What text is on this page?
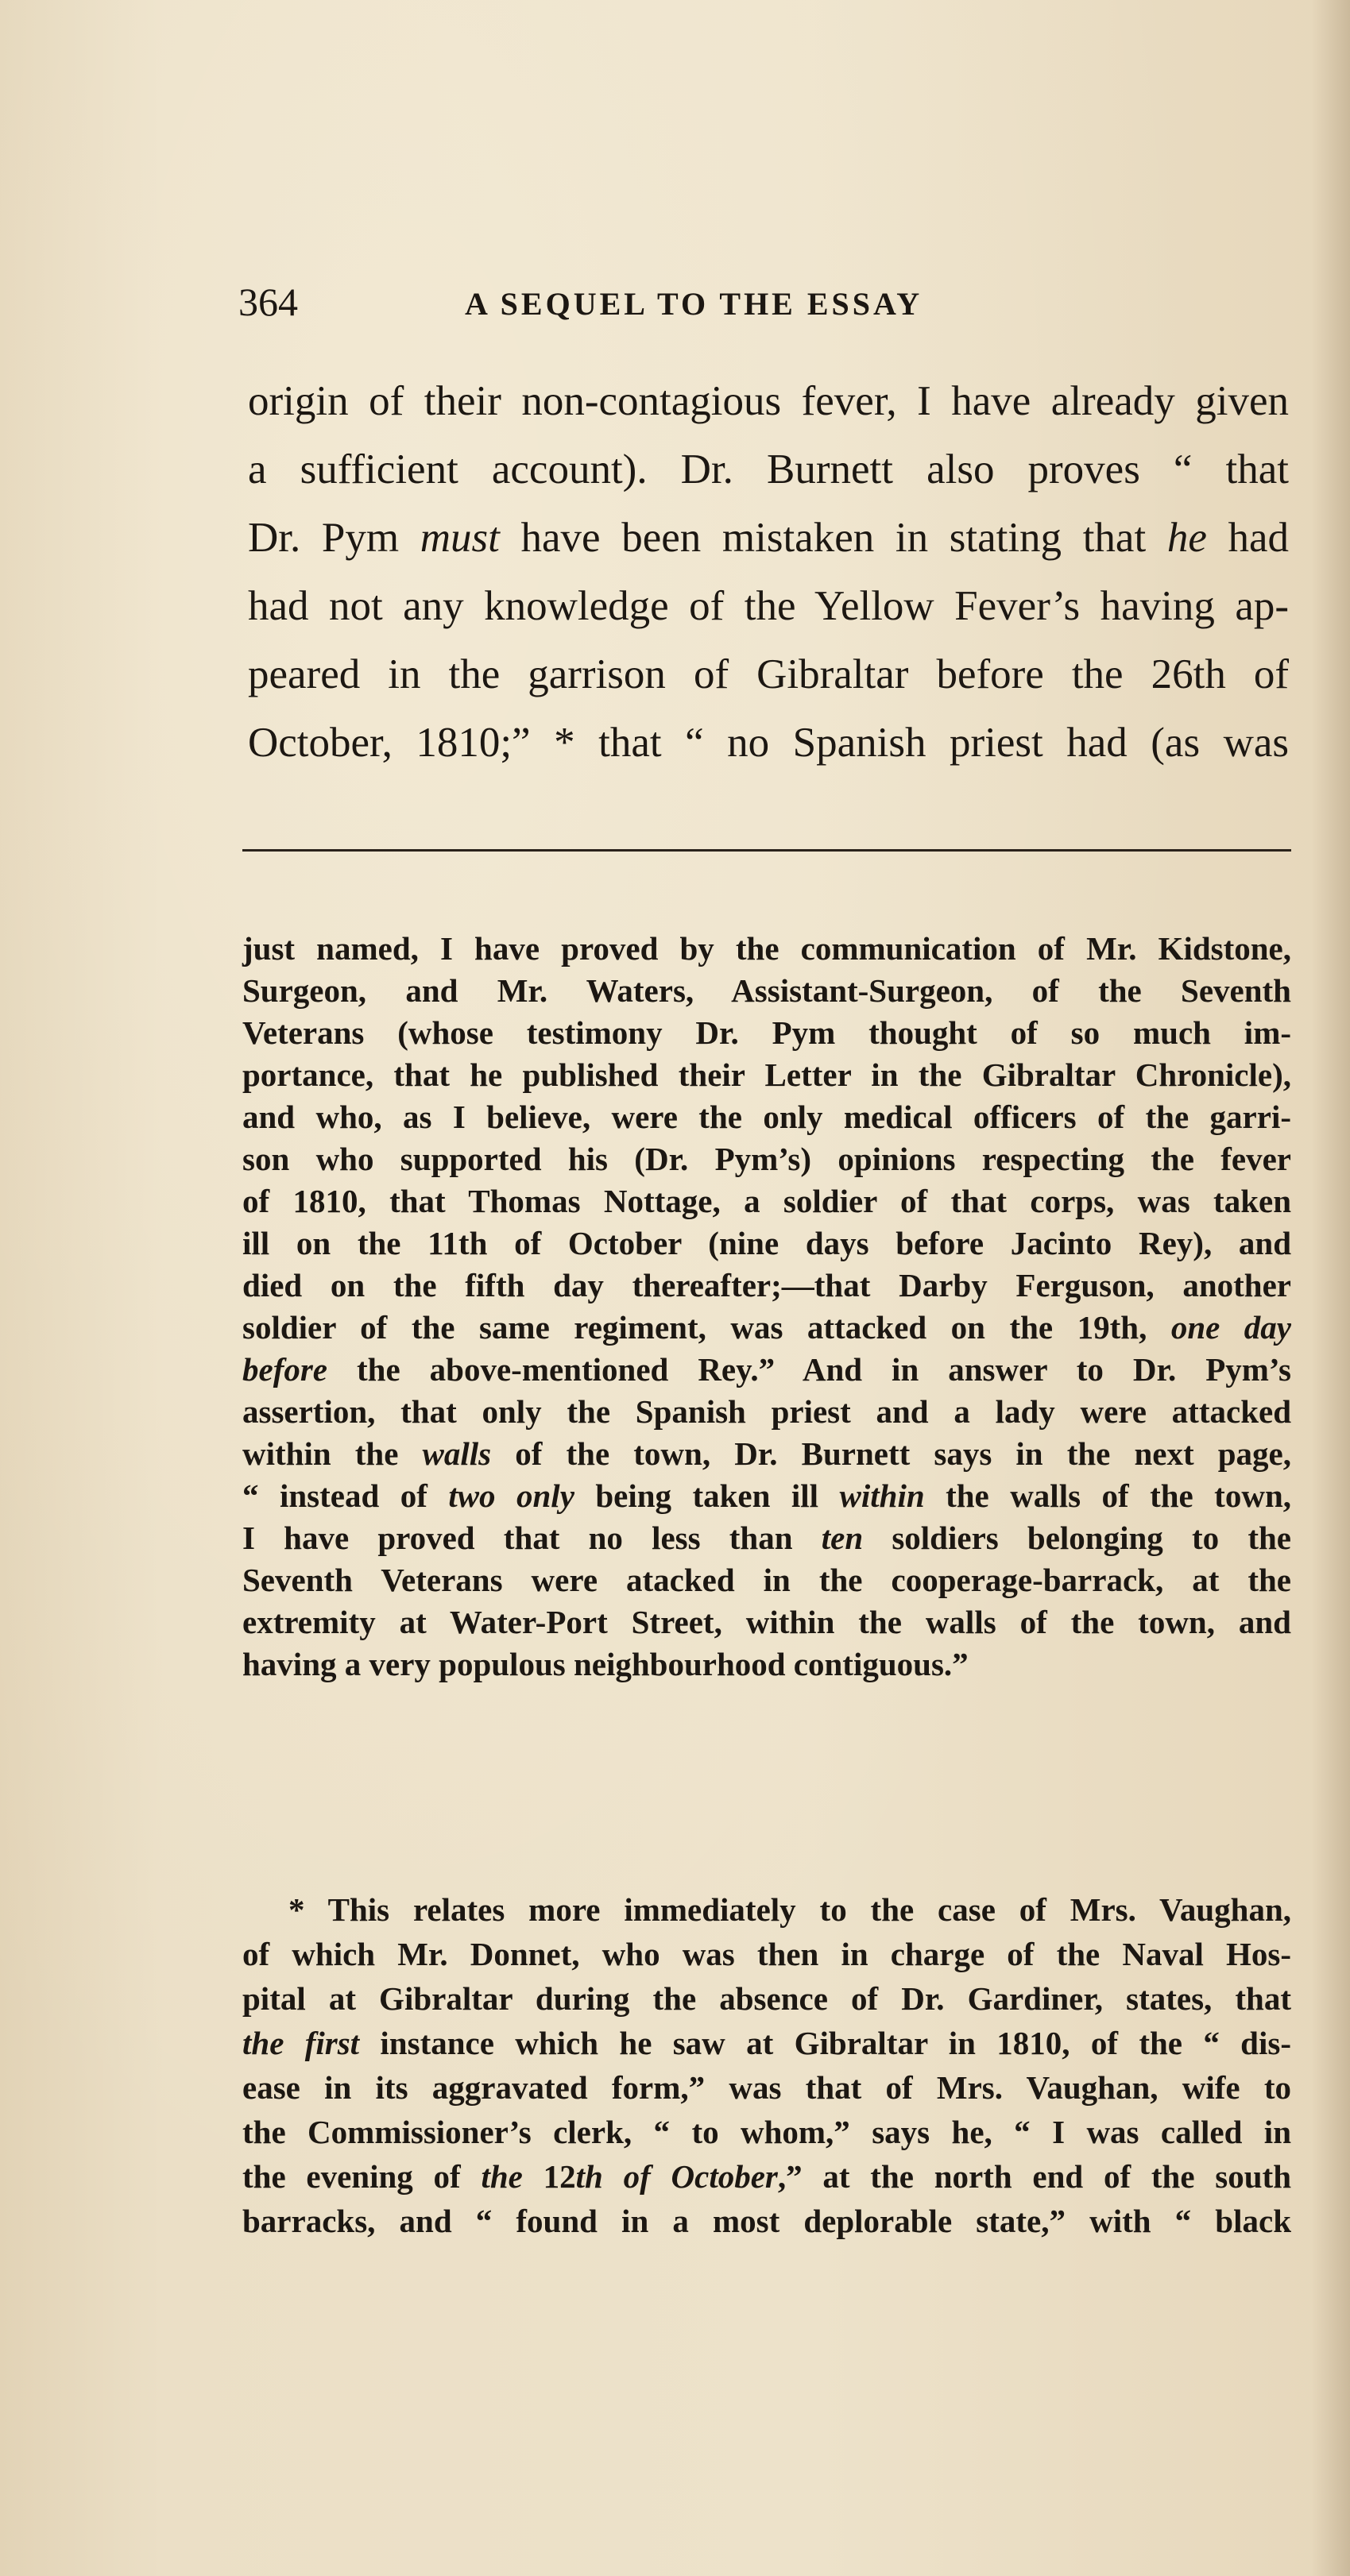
364	A SEQUEL TO THE ESSAY
origin of their non-contagious fever, I have already given
a sufficient account). Dr. Burnett also proves “ that
Dr. Pym must have been mistaken in stating that he had
had not any knowledge of the Yellow Fever’s having ap-
peared in the garrison of Gibraltar before the 26th of
October, 1810;” * that “ no Spanish priest had (as was
just named, I have proved by the communication of Mr. Kidstone,
Surgeon, and Mr. Waters, Assistant-Surgeon, of the Seventh
Veterans (whose testimony Dr. Pym thought of so much im-
portance, that he published their Letter in the Gibraltar Chronicle),
and who, as I believe, were the only medical officers of the garri-
son who supported his (Dr. Pym’s) opinions respecting the fever
of 1810, that Thomas Nottage, a soldier of that corps, was taken
ill on the 11th of October (nine days before Jacinto Rey), and
died on the fifth day thereafter;—that Darby Ferguson, another
soldier of the same regiment, was attacked on the 19th, one day
before the above-mentioned Rey.” And in answer to Dr. Pym’s
assertion, that only the Spanish priest and a lady were attacked
within the walls of the town, Dr. Burnett says in the next page,
“ instead of two only being taken ill within the walls of the town,
I have proved that no less than ten soldiers belonging to the
Seventh Veterans were atacked in the cooperage-barrack, at the
extremity at Water-Port Street, within the walls of the town, and
having a very populous neighbourhood contiguous.”
* This relates more immediately to the case of Mrs. Vaughan,
of which Mr. Donnet, who was then in charge of the Naval Hos-
pital at Gibraltar during the absence of Dr. Gardiner, states, that
the first instance which he saw at Gibraltar in 1810, of the “ dis-
ease in its aggravated form,” was that of Mrs. Vaughan, wife to
the Commissioner’s clerk, “ to whom,” says he, “ I was called in
the evening of the 12th of October,” at the north end of the south
barracks, and “ found in a most deplorable state,” with “ black
